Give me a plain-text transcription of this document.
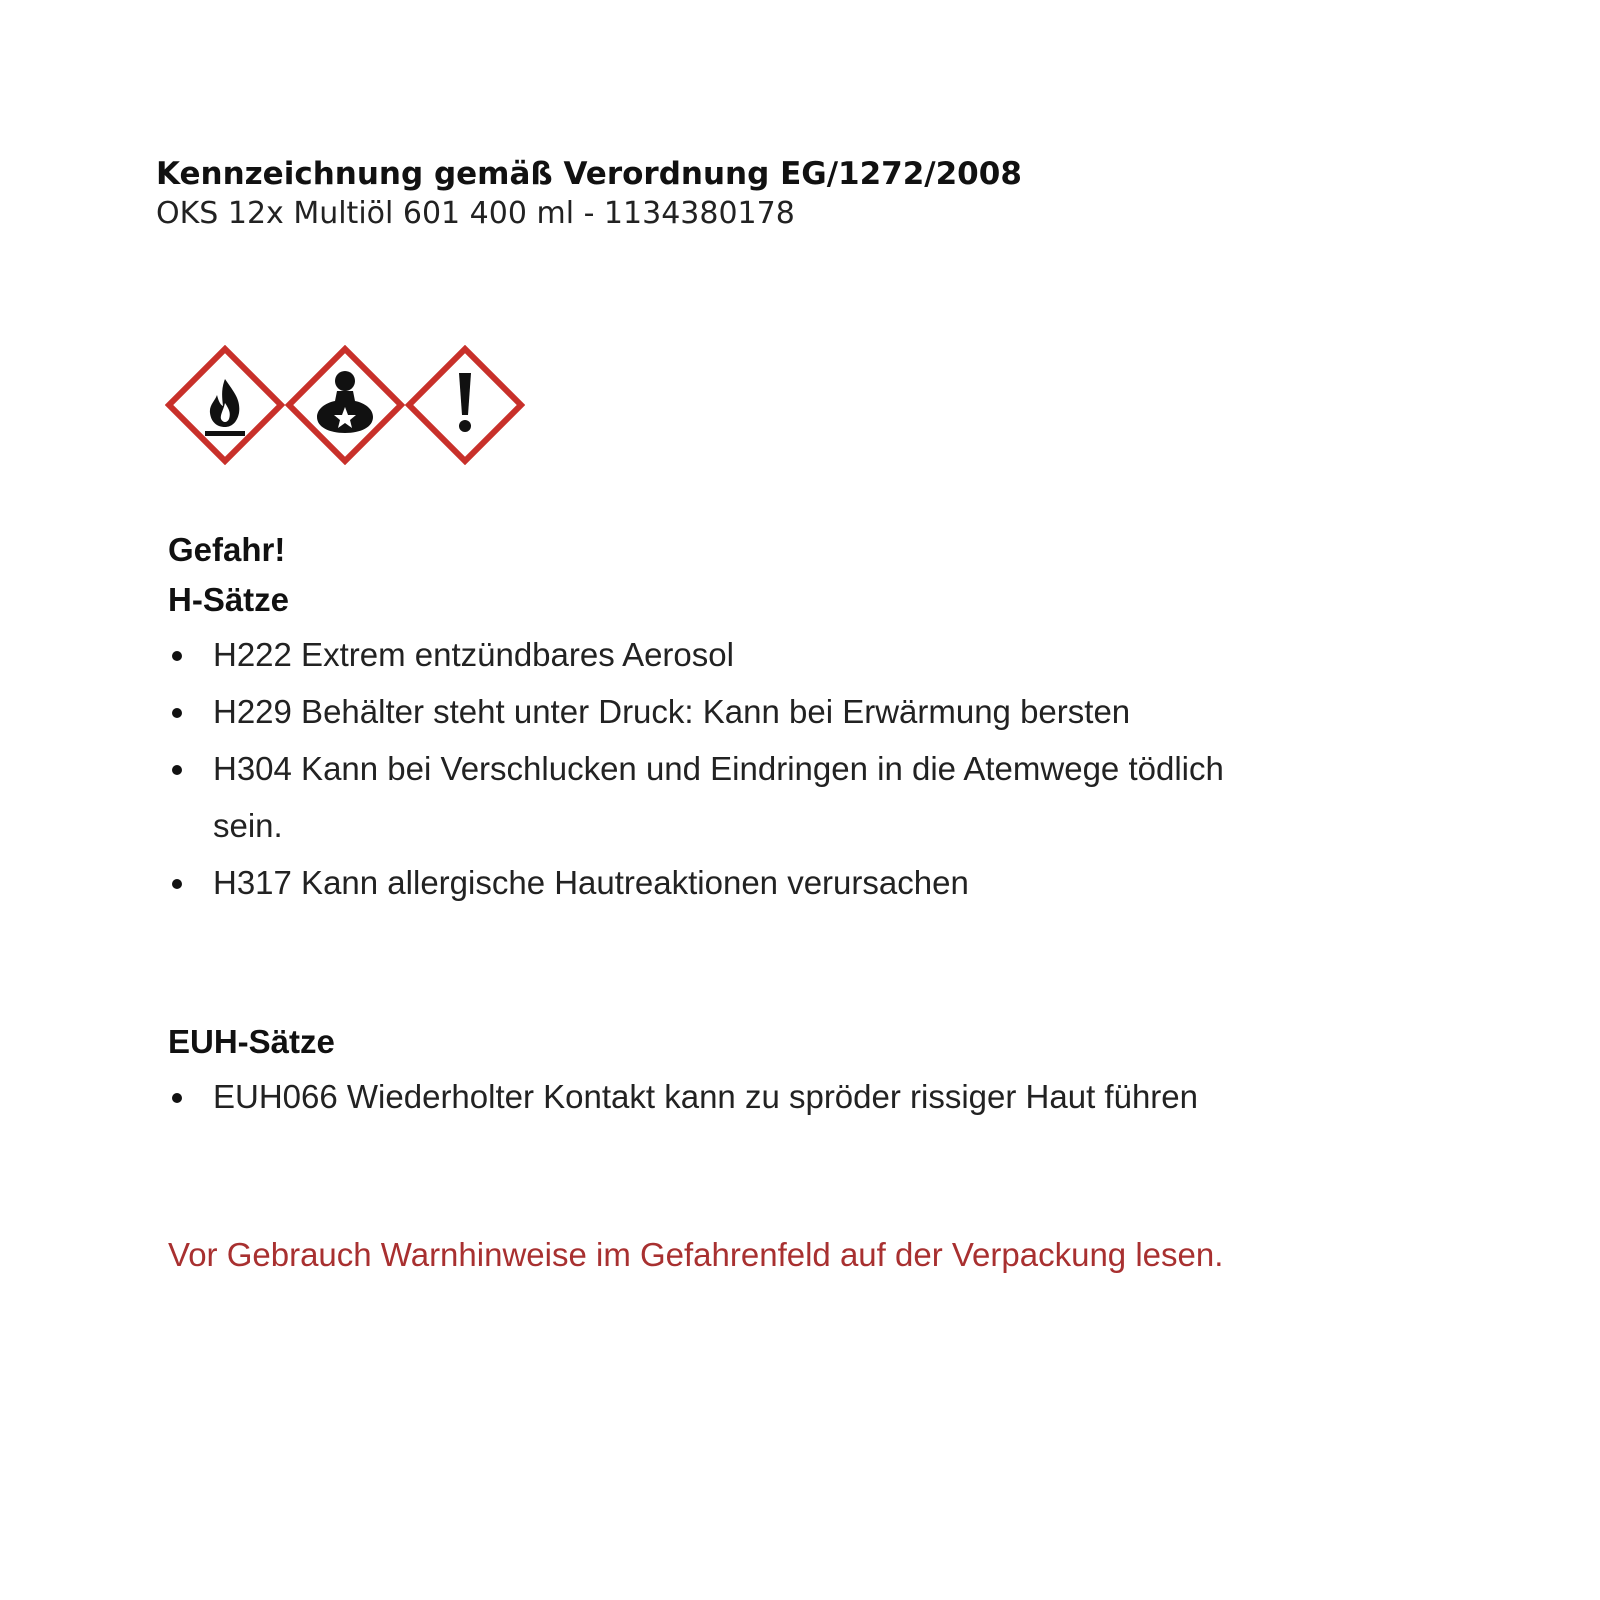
Kennzeichnung gemäß Verordnung EG/1272/2008

OKS 12x Multiöl 601 400 ml - 1134380178

Gefahr!

H-Sätze

H222 Extrem entzündbares Aerosol
H229 Behälter steht unter Druck: Kann bei Erwärmung bersten
H304 Kann bei Verschlucken und Eindringen in die Atemwege tödlich sein.
H317 Kann allergische Hautreaktionen verursachen

EUH-Sätze

EUH066 Wiederholter Kontakt kann zu spröder rissiger Haut führen

Vor Gebrauch Warnhinweise im Gefahrenfeld auf der Verpackung lesen.
